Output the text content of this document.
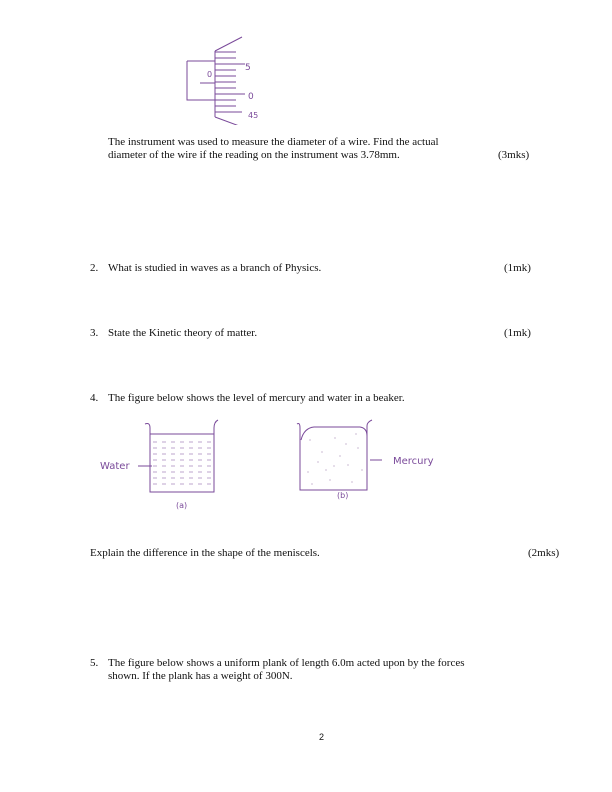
0
5
0
45
The instrument was used to measure the diameter of a wire. Find the actual
diameter of the wire if the reading on the instrument was 3.78mm.	(3mks)
2. What is studied in waves as a branch of Physics.	(1mk)
3. State the Kinetic theory of matter.	(1mk)
4. The figure below shows the level of mercury and water in a beaker.
Water	Mercury
(a)
(b)
Explain the difference in the shape of the meniscels.	(2mks)
5. The figure below shows a uniform plank of length 6.0m acted upon by the forces
shown. If the plank has a weight of 300N.
2
